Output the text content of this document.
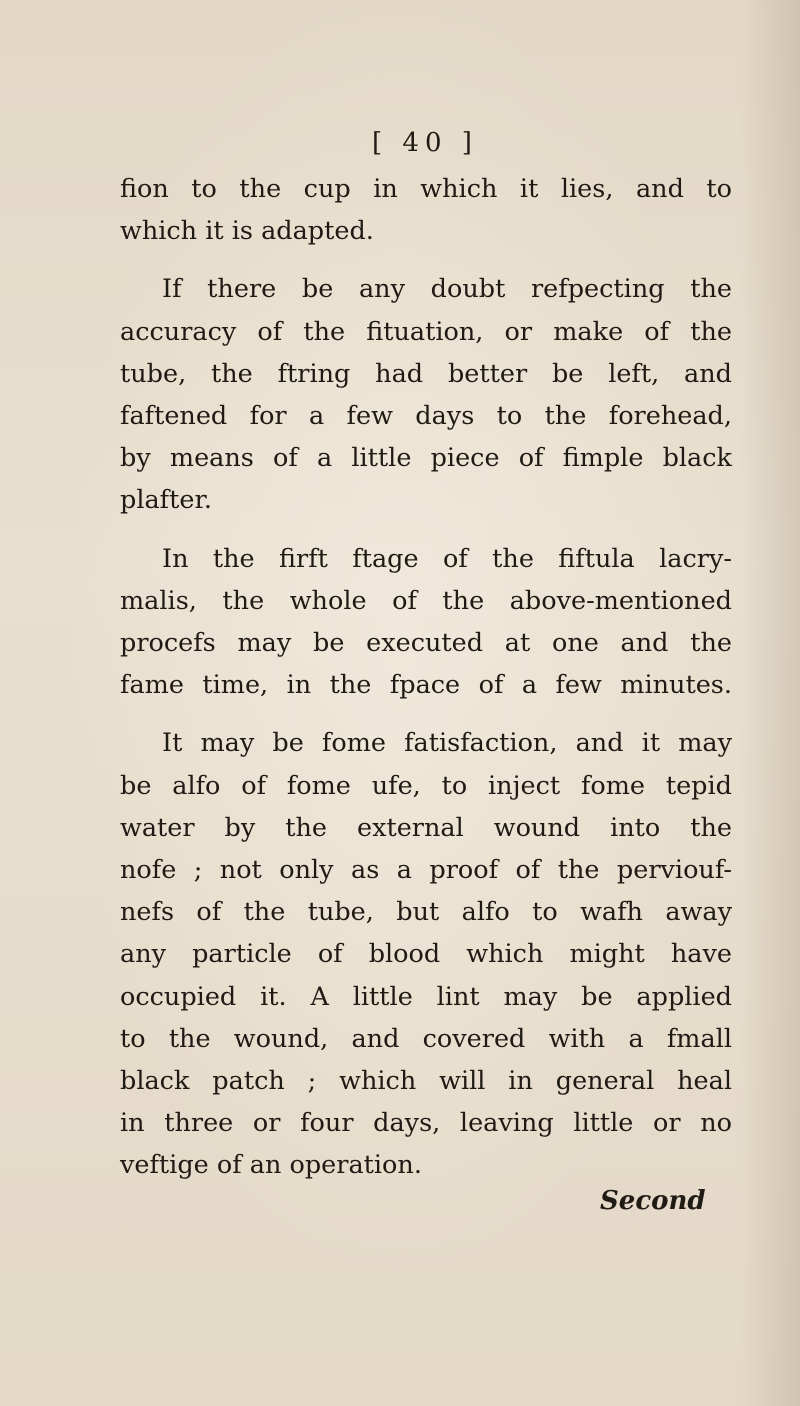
[ 40 ]

fion to the cup in which it lies, and to
which it is adapted.

If there be any doubt refpecting the
accuracy of the fituation, or make of the
tube, the ftring had better be left, and
faftened for a few days to the forehead,
by means of a little piece of fimple black
plafter.

In the firft ftage of the fiftula lacry-
malis, the whole of the above-mentioned
procefs may be executed at one and the
fame time, in the fpace of a few minutes.

It may be fome fatisfaction, and it may
be alfo of fome ufe, to inject fome tepid
water by the external wound into the
nofe ; not only as a proof of the perviouf-
nefs of the tube, but alfo to wafh away
any particle of blood which might have
occupied it. A little lint may be applied
to the wound, and covered with a fmall
black patch ; which will in general heal
in three or four days, leaving little or no
veftige of an operation.

Second
